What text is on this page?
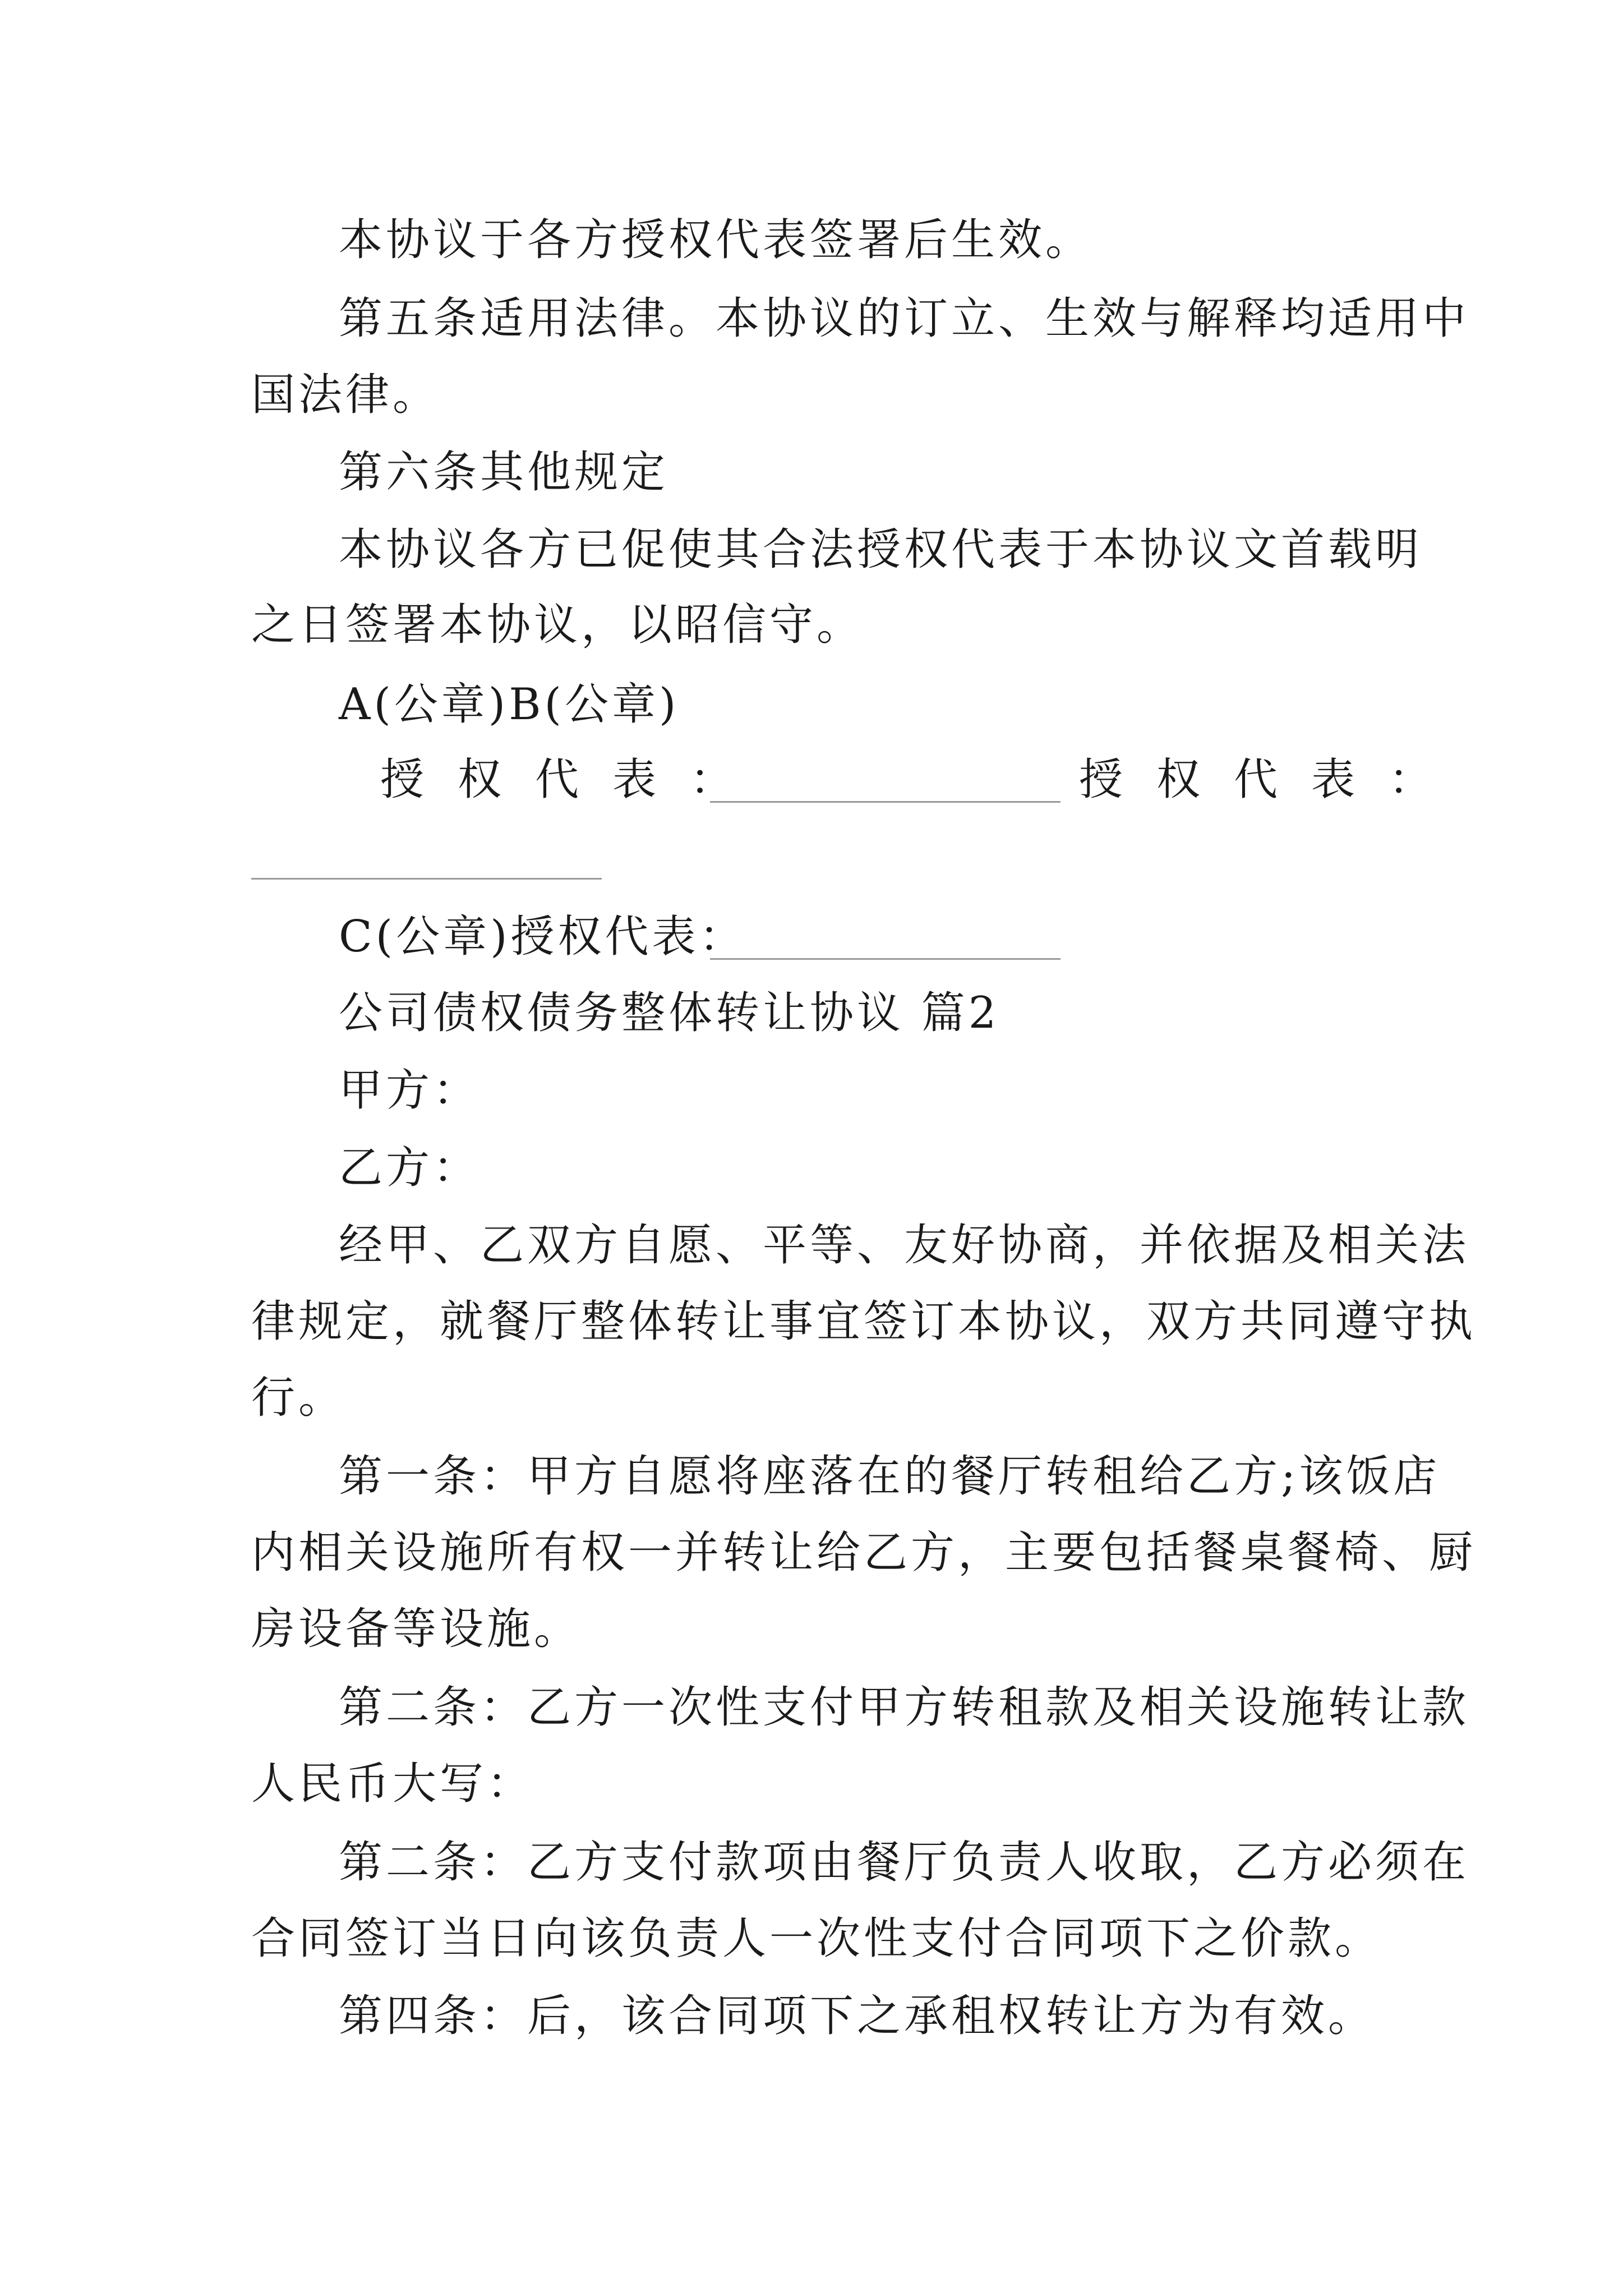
本协议于各方授权代表签署后生效。
第五条适用法律。本协议的订立、生效与解释均适用中
国法律。
第六条其他规定
本协议各方已促使其合法授权代表于本协议文首载明
之日签署本协议，以昭信守。
A(公章)B(公章)
授权代表：	授权代表：
C(公章)授权代表：
公司债权债务整体转让协议 篇2
甲方：
乙方：
经甲、乙双方自愿、平等、友好协商，并依据及相关法
律规定，就餐厅整体转让事宜签订本协议，双方共同遵守执
行。
第一条：甲方自愿将座落在的餐厅转租给乙方;该饭店
内相关设施所有权一并转让给乙方，主要包括餐桌餐椅、厨
房设备等设施。
第二条：乙方一次性支付甲方转租款及相关设施转让款
人民币大写：
第二条：乙方支付款项由餐厅负责人收取，乙方必须在
合同签订当日向该负责人一次性支付合同项下之价款。
第四条：后，该合同项下之承租权转让方为有效。
